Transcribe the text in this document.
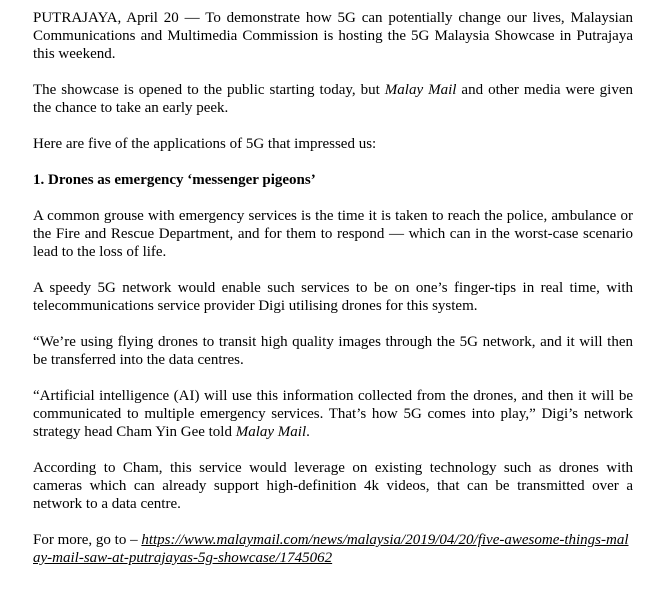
PUTRAJAYA, April 20 — To demonstrate how 5G can potentially change our lives, Malaysian Communications and Multimedia Commission is hosting the 5G Malaysia Showcase in Putrajaya this weekend.

The showcase is opened to the public starting today, but Malay Mail and other media were given the chance to take an early peek.

Here are five of the applications of 5G that impressed us:

1. Drones as emergency ‘messenger pigeons’

A common grouse with emergency services is the time it is taken to reach the police, ambulance or the Fire and Rescue Department, and for them to respond — which can in the worst-case scenario lead to the loss of life.

A speedy 5G network would enable such services to be on one’s finger-tips in real time, with telecommunications service provider Digi utilising drones for this system.

“We’re using flying drones to transit high quality images through the 5G network, and it will then be transferred into the data centres.

“Artificial intelligence (AI) will use this information collected from the drones, and then it will be communicated to multiple emergency services. That’s how 5G comes into play,” Digi’s network strategy head Cham Yin Gee told Malay Mail.

According to Cham, this service would leverage on existing technology such as drones with cameras which can already support high-definition 4k videos, that can be transmitted over a network to a data centre.

For more, go to – https://www.malaymail.com/news/malaysia/2019/04/20/five-awesome-things-malay-mail-saw-at-putrajayas-5g-showcase/1745062
